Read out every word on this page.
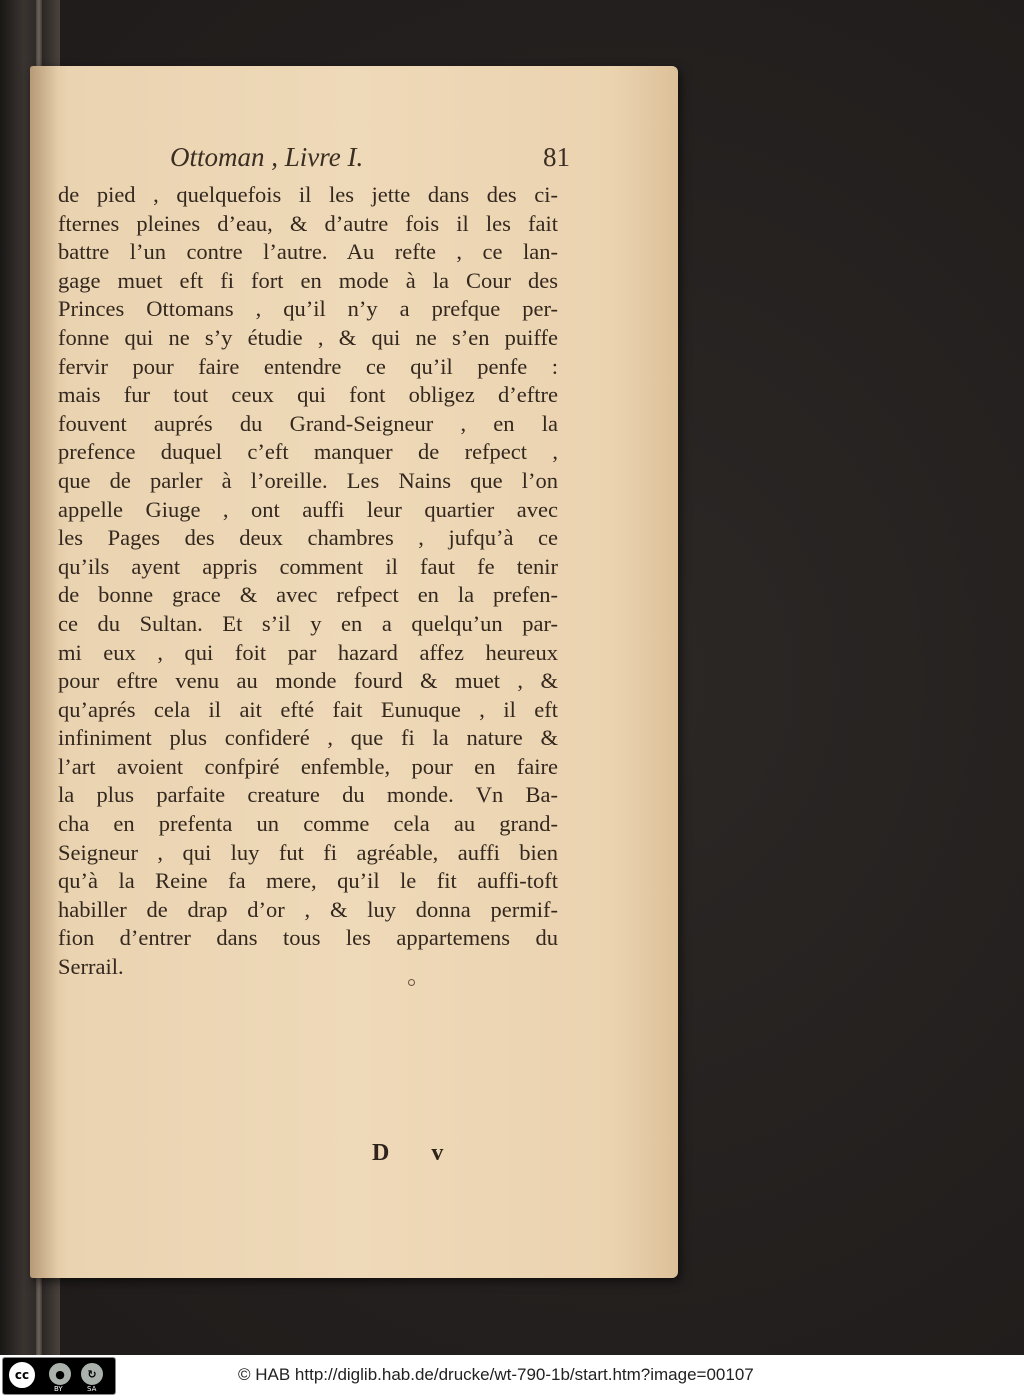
Ottoman , Livre I.	81
de pied , quelquefois il les jette dans des ci-
fternes pleines d’eau, & d’autre fois il les fait
battre l’un contre l’autre. Au refte , ce lan-
gage muet eft fi fort en mode à la Cour des
Princes Ottomans , qu’il n’y a prefque per-
fonne qui ne s’y étudie , & qui ne s’en puiffe
fervir pour faire entendre ce qu’il penfe :
mais fur tout ceux qui font obligez d’eftre
fouvent auprés du Grand-Seigneur , en la
prefence duquel c’eft manquer de refpect ,
que de parler à l’oreille. Les Nains que l’on
appelle Giuge , ont auffi leur quartier avec
les Pages des deux chambres , jufqu’à ce
qu’ils ayent appris comment il faut fe tenir
de bonne grace & avec refpect en la prefen-
ce du Sultan. Et s’il y en a quelqu’un par-
mi eux , qui foit par hazard affez heureux
pour eftre venu au monde fourd & muet , &
qu’aprés cela il ait efté fait Eunuque , il eft
infiniment plus confideré , que fi la nature &
l’art avoient confpiré enfemble, pour en faire
la plus parfaite creature du monde. Vn Ba-
cha en prefenta un comme cela au grand-
Seigneur , qui luy fut fi agréable, auffi bien
qu’à la Reine fa mere, qu’il le fit auffi-toft
habiller de drap d’or , & luy donna permif-
fion d’entrer dans tous les appartemens du
Serrail.
D v
cc	●	↻
BY	SA
© HAB http://diglib.hab.de/drucke/wt-790-1b/start.htm?image=00107
